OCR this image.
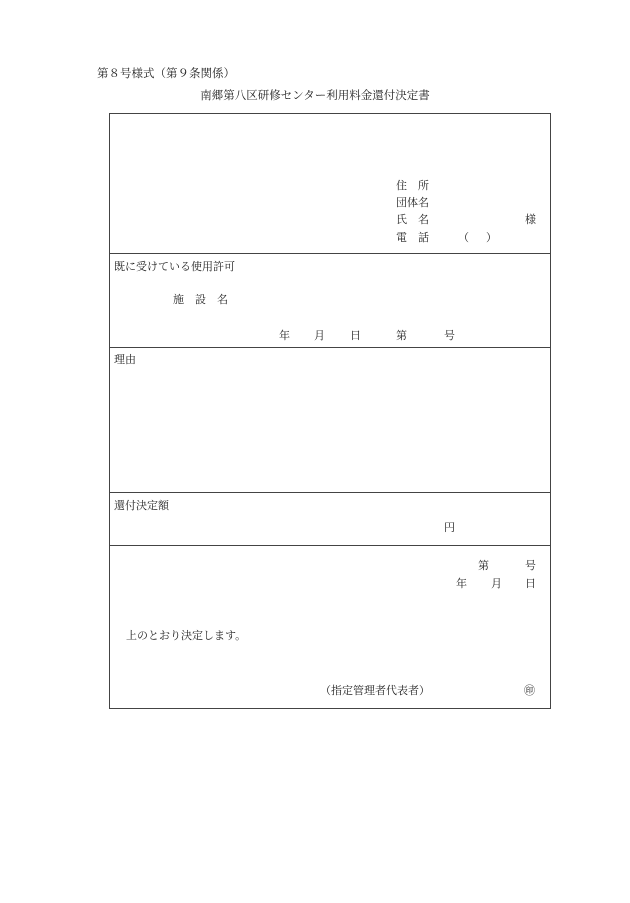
第８号様式（第９条関係）
南郷第八区研修センター利用料金還付決定書
住　所
団体名
氏　名	様
電　話	（ ）
既に受けている使用許可
施　設　名
年 月 日	第	号
理由
還付決定額
円
第	号
年 月 日
上のとおり決定します。
（指定管理者代表者）	㊞
